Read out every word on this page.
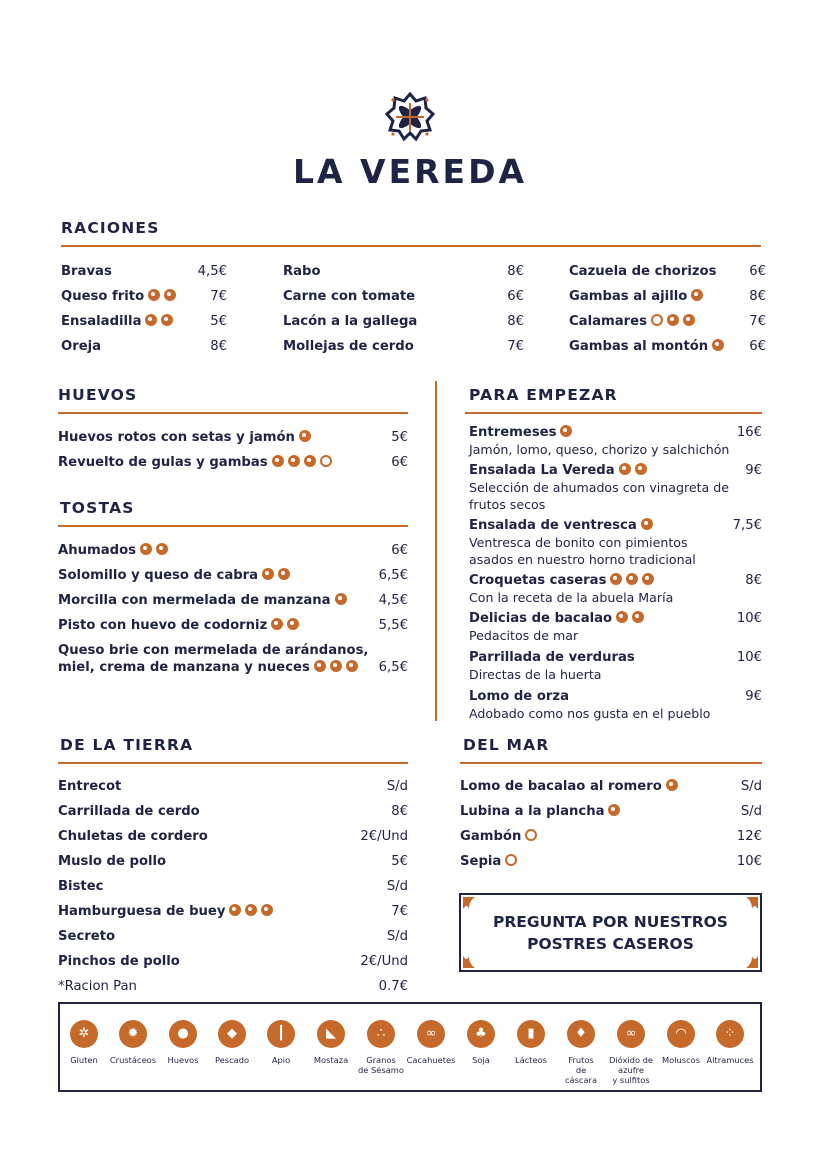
LA VEREDA
RACIONES
Bravas	4,5€
Queso frito	7€
Ensaladilla	5€
Oreja	8€
Rabo	8€
Carne con tomate	6€
Lacón a la gallega	8€
Mollejas de cerdo	7€
Cazuela de chorizos 6€
Gambas al ajillo	8€
Calamares	7€
Gambas al montón	6€
HUEVOS
Huevos rotos con setas y jamón	5€
Revuelto de gulas y gambas	6€
TOSTAS
Ahumados	6€
Solomillo y queso de cabra	6,5€
Morcilla con mermelada de manzana	4,5€
Pisto con huevo de codorniz	5,5€
Queso brie con mermelada de arándanos,
miel, crema de manzana y nueces	6,5€
PARA EMPEZAR
Entremeses	16€
Jamón, lomo, queso, chorizo y salchichón
Ensalada La Vereda	9€
Selección de ahumados con vinagreta de
frutos secos
Ensalada de ventresca	7,5€
Ventresca de bonito con pimientos
asados en nuestro horno tradicional
Croquetas caseras	8€
Con la receta de la abuela María
Delicias de bacalao	10€
Pedacitos de mar
Parrillada de verduras	10€
Directas de la huerta
Lomo de orza	9€
Adobado como nos gusta en el pueblo
DE LA TIERRA
Entrecot	S/d
Carrillada de cerdo	8€
Chuletas de cordero	2€/Und
Muslo de pollo	5€
Bistec	S/d
Hamburguesa de buey	7€
Secreto	S/d
Pinchos de pollo	2€/Und
*Racion Pan	0.7€
DEL MAR
Lomo de bacalao al romero	S/d
Lubina a la plancha	S/d
Gambón	12€
Sepia	10€
PREGUNTA POR NUESTROS
POSTRES CASEROS
✲
Gluten
✹
Crustáceos
●
Huevos
◆
Pescado
┃
Apio
◣
Mostaza
∴
Granos
de Sésamo
∞
Cacahuetes
♣
Soja
▮
Lácteos
♦
Frutos
de
cáscara
∞
Dióxido de
azufre
y sulfitos
◠
Moluscos
⁘
Altramuces
